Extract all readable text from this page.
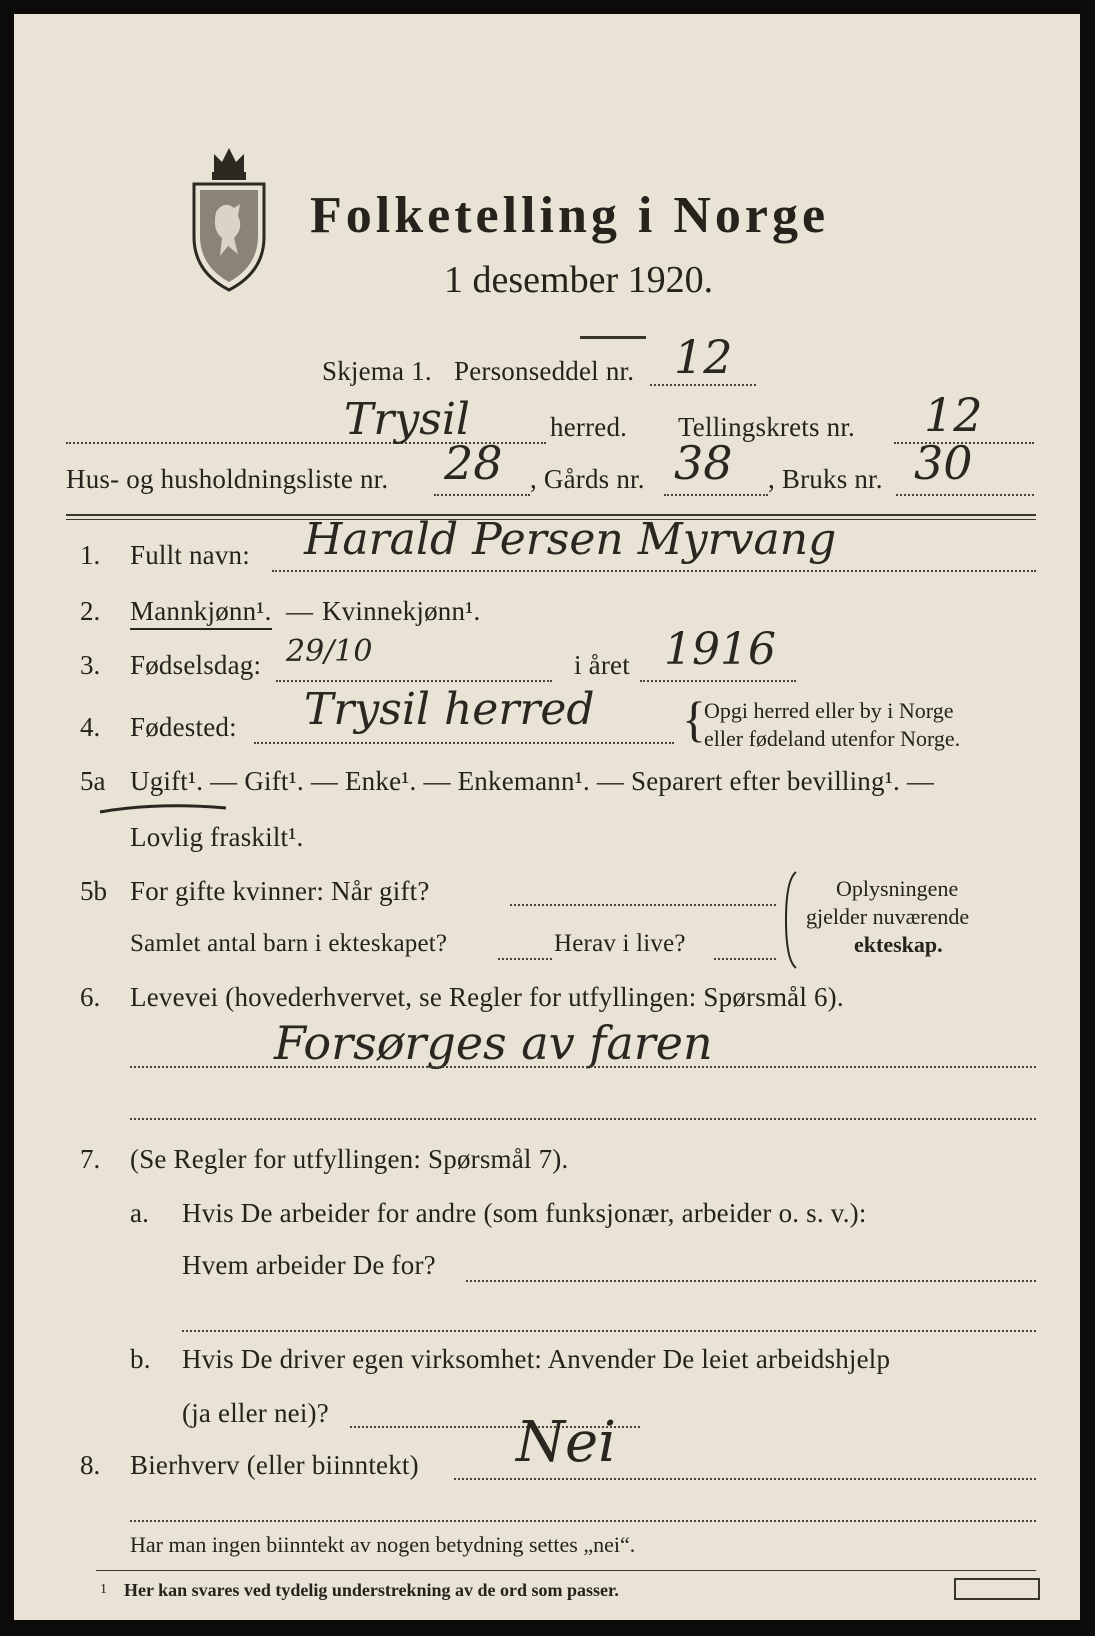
Folketelling i Norge
1 desember 1920.
Skjema 1. Personseddel nr. 12
Trysil	herred. Tellingskrets nr. 12
Hus- og husholdningsliste nr. 28 , Gårds nr. 38 , Bruks nr. 30
1. Fullt navn: Harald Persen Myrvang
2. Mannkjønn¹. — Kvinnekjønn¹.
3. Fødselsdag: 29/10	i året 1916
4. Fødested: Trysil herred {
Opgi herred eller by i Norge
eller fødeland utenfor Norge.
5a Ugift¹. — Gift¹. — Enke¹. — Enkemann¹. — Separert efter bevilling¹. —
Lovlig fraskilt¹.
5b For gifte kvinner: Når gift?
Samlet antal barn i ekteskapet?	Herav i live?
Oplysningene
gjelder nuværende
ekteskap.
6. Levevei (hovederhvervet, se Regler for utfyllingen: Spørsmål 6).
Forsørges av faren
7. (Se Regler for utfyllingen: Spørsmål 7).
a. Hvis De arbeider for andre (som funksjonær, arbeider o. s. v.):
Hvem arbeider De for?
b. Hvis De driver egen virksomhet: Anvender De leiet arbeidshjelp
(ja eller nei)?
8. Bierhverv (eller biinntekt) Nei
Har man ingen biinntekt av nogen betydning settes „nei“.
1 Her kan svares ved tydelig understrekning av de ord som passer.
